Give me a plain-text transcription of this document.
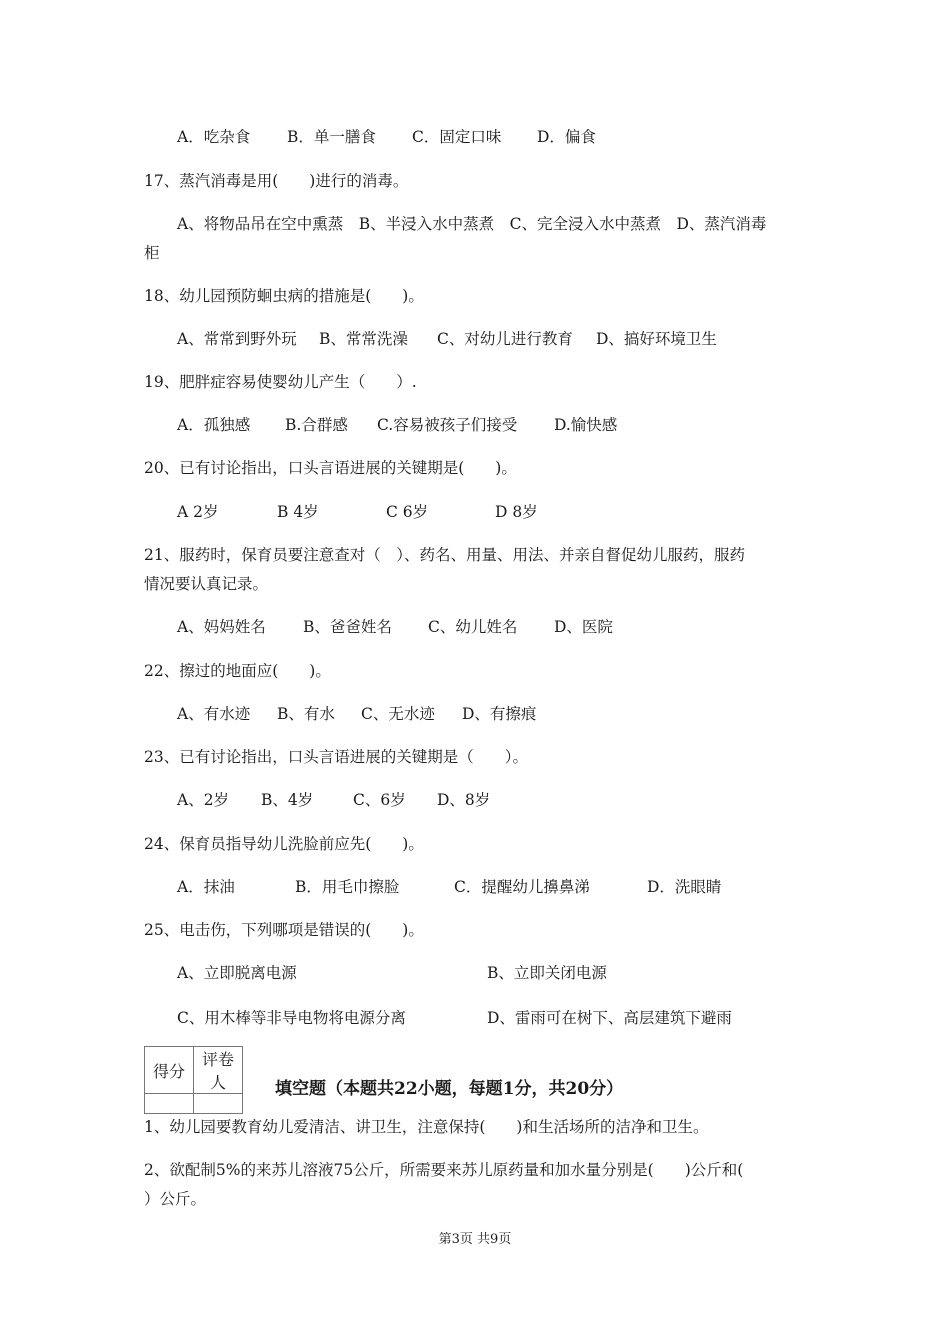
A．吃杂食 B．单一膳食 C．固定口味 D．偏食
17、蒸汽消毒是用(　　)进行的消毒。
A、将物品吊在空中熏蒸　B、半浸入水中蒸煮　C、完全浸入水中蒸煮　D、蒸汽消毒
柜
18、幼儿园预防蛔虫病的措施是(　　)。
A、常常到野外玩 B、常常洗澡 C、对幼儿进行教育 D、搞好环境卫生
19、肥胖症容易使婴幼儿产生（　　）.
A．孤独感 B.合群感 C.容易被孩子们接受 D.愉快感
20、已有讨论指出，口头言语进展的关键期是(　　)。
A 2岁	B 4岁	C 6岁	D 8岁
21、服药时，保育员要注意查对（　）、药名、用量、用法、并亲自督促幼儿服药，服药
情况要认真记录。
A、妈妈姓名 B、爸爸姓名 C、幼儿姓名 D、医院
22、擦过的地面应(　　)。
A、有水迹 B、有水 C、无水迹 D、有擦痕
23、已有讨论指出，口头言语进展的关键期是（　　）。
A、2岁 B、4岁	C、6岁 D、8岁
24、保育员指导幼儿洗脸前应先(　　)。
A．抹油	B．用毛巾擦脸	C．提醒幼儿擤鼻涕	D．洗眼睛
25、电击伤，下列哪项是错误的(　　)。
A、立即脱离电源	B、立即关闭电源
C、用木棒等非导电物将电源分离	D、雷雨可在树下、高层建筑下避雨
得分	评卷人
		填空题（本题共22小题，每题1分，共20分）
1、幼儿园要教育幼儿爱清洁、讲卫生，注意保持(　　)和生活场所的洁净和卫生。
2、欲配制5%的来苏儿溶液75公斤，所需要来苏儿原药量和加水量分别是(　　)公斤和(
）公斤。
第3页 共9页
